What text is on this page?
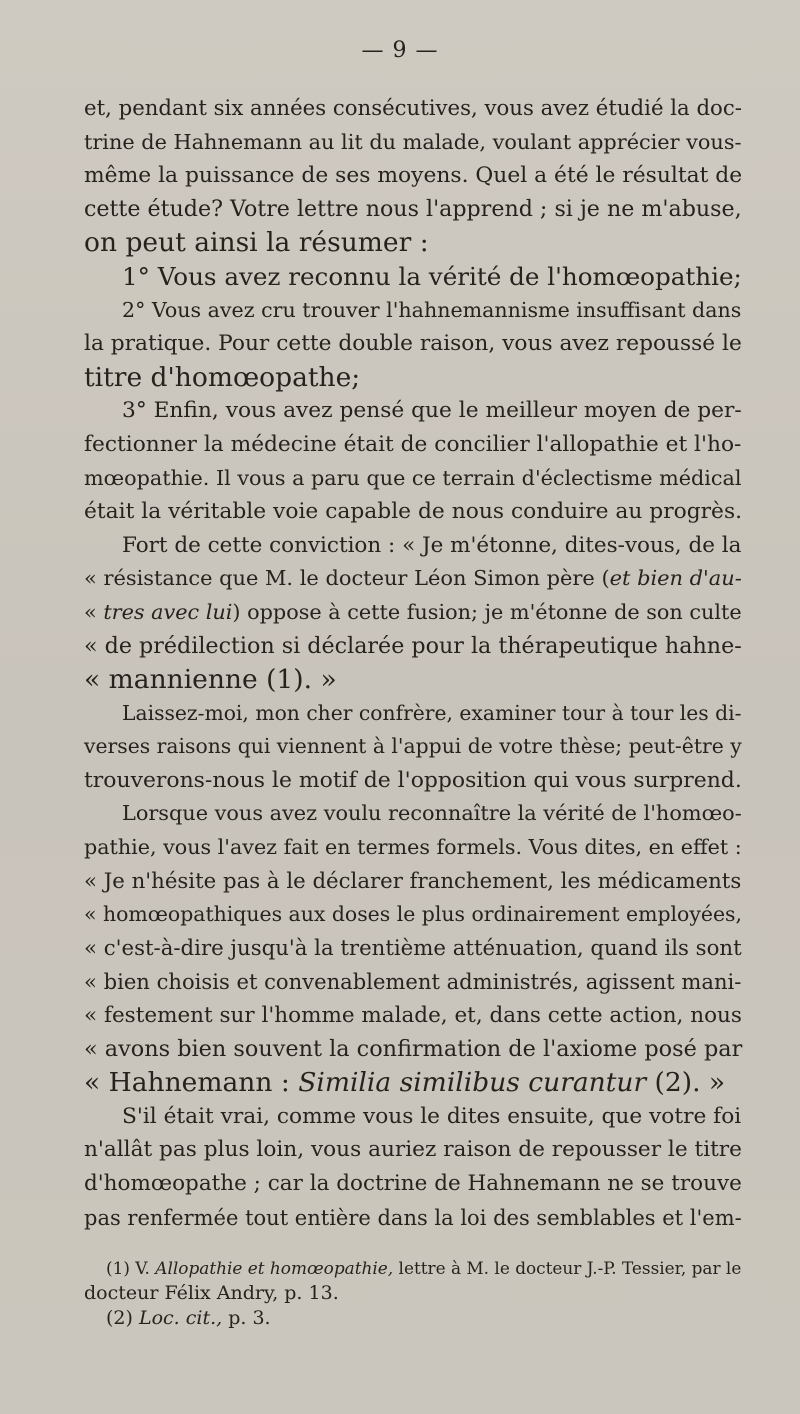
— 9 —
et, pendant six années consécutives, vous avez étudié la doc-
trine de Hahnemann au lit du malade, voulant apprécier vous-
même la puissance de ses moyens. Quel a été le résultat de
cette étude? Votre lettre nous l'apprend ; si je ne m'abuse,
on peut ainsi la résumer :
1° Vous avez reconnu la vérité de l'homœopathie;
2° Vous avez cru trouver l'hahnemannisme insuffisant dans
la pratique. Pour cette double raison, vous avez repoussé le
titre d'homœopathe;
3° Enfin, vous avez pensé que le meilleur moyen de per-
fectionner la médecine était de concilier l'allopathie et l'ho-
mœopathie. Il vous a paru que ce terrain d'éclectisme médical
était la véritable voie capable de nous conduire au progrès.
Fort de cette conviction : « Je m'étonne, dites-vous, de la
« résistance que M. le docteur Léon Simon père (et bien d'au-
« tres avec lui) oppose à cette fusion; je m'étonne de son culte
« de prédilection si déclarée pour la thérapeutique hahne-
« mannienne (1). »
Laissez-moi, mon cher confrère, examiner tour à tour les di-
verses raisons qui viennent à l'appui de votre thèse; peut-être y
trouverons-nous le motif de l'opposition qui vous surprend.
Lorsque vous avez voulu reconnaître la vérité de l'homœo-
pathie, vous l'avez fait en termes formels. Vous dites, en effet :
« Je n'hésite pas à le déclarer franchement, les médicaments
« homœopathiques aux doses le plus ordinairement employées,
« c'est-à-dire jusqu'à la trentième atténuation, quand ils sont
« bien choisis et convenablement administrés, agissent mani-
« festement sur l'homme malade, et, dans cette action, nous
« avons bien souvent la confirmation de l'axiome posé par
« Hahnemann : Similia similibus curantur (2). »
S'il était vrai, comme vous le dites ensuite, que votre foi
n'allât pas plus loin, vous auriez raison de repousser le titre
d'homœopathe ; car la doctrine de Hahnemann ne se trouve
pas renfermée tout entière dans la loi des semblables et l'em-
(1) V. Allopathie et homœopathie, lettre à M. le docteur J.-P. Tessier, par le
docteur Félix Andry, p. 13.
(2) Loc. cit., p. 3.
